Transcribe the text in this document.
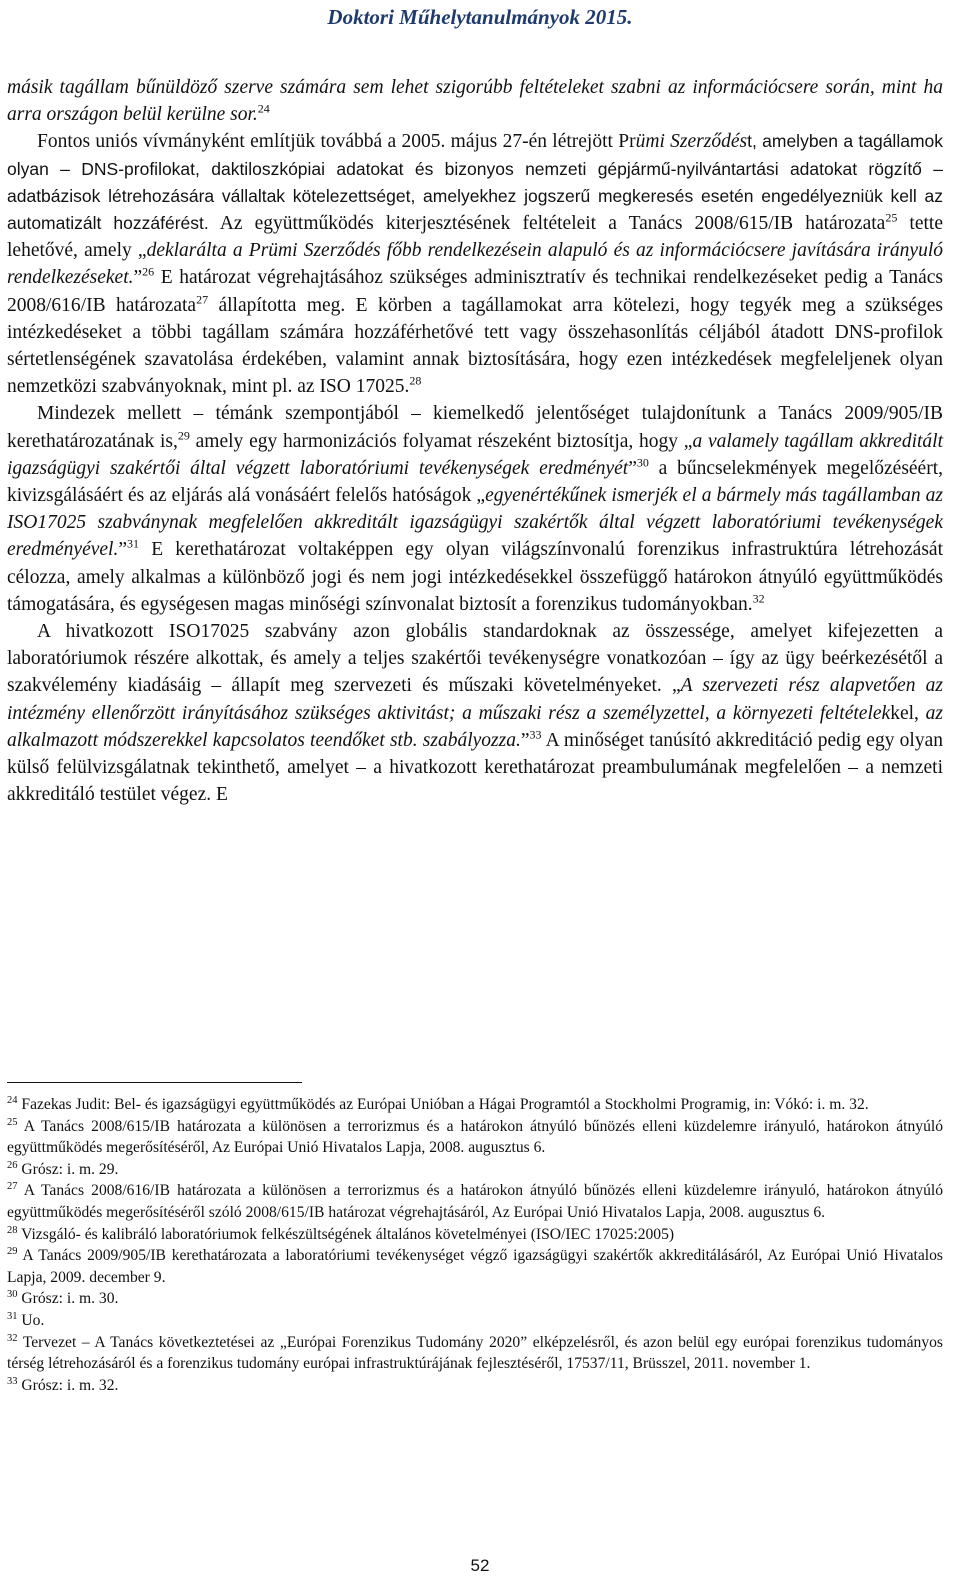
Doktori Műhelytanulmányok 2015.

másik tagállam bűnüldöző szerve számára sem lehet szigorúbb feltételeket szabni az információcsere során, mint ha arra országon belül kerülne sor.$^{24}$

Fontos uniós vívmányként említjük továbbá a 2005. május 27-én létrejött Prümi Szerződést, amelyben a tagállamok olyan – DNS-profilokat, daktiloszkópiai adatokat és bizonyos nemzeti gépjármű-nyilvántartási adatokat rögzítő – adatbázisok létrehozására vállaltak kötelezettséget, amelyekhez jogszerű megkeresés esetén engedélyezniük kell az automatizált hozzáférést. Az együttműködés kiterjesztésének feltételeit a Tanács 2008/615/IB határozata$^{25}$ tette lehetővé, amely „deklarálta a Prümi Szerződés főbb rendelkezésein alapuló és az információcsere javítására irányuló rendelkezéseket.”$^{26}$ E határozat végrehajtásához szükséges adminisztratív és technikai rendelkezéseket pedig a Tanács 2008/616/IB határozata$^{27}$ állapította meg. E körben a tagállamokat arra kötelezi, hogy tegyék meg a szükséges intézkedéseket a többi tagállam számára hozzáférhetővé tett vagy összehasonlítás céljából átadott DNS-profilok sértetlenségének szavatolása érdekében, valamint annak biztosítására, hogy ezen intézkedések megfeleljenek olyan nemzetközi szabványoknak, mint pl. az ISO 17025.28

Mindezek mellett – témánk szempontjából – kiemelkedő jelentőséget tulajdonítunk a Tanács 2009/905/IB kerethatározatának is,$^{29}$ amely egy harmonizációs folyamat részeként biztosítja, hogy „a valamely tagállam akkreditált igazságügyi szakértői által végzett laboratóriumi tevékenységek eredményét”$^{30}$ a bűncselekmények megelőzéséért, kivizsgálásáért és az eljárás alá vonásáért felelős hatóságok „egyenértékűnek ismerjék el a bármely más tagállamban az ISO17025 szabványnak megfelelően akkreditált igazságügyi szakértők által végzett laboratóriumi tevékenységek eredményével.”$^{31}$ E kerethatározat voltaképpen egy olyan világszínvonalú forenzikus infrastruktúra létrehozását célozza, amely alkalmas a különböző jogi és nem jogi intézkedésekkel összefüggő határokon átnyúló együttműködés támogatására, és egységesen magas minőségi színvonalat biztosít a forenzikus tudományokban.$^{32}$

A hivatkozott ISO17025 szabvány azon globális standardoknak az összessége, amelyet kifejezetten a laboratóriumok részére alkottak, és amely a teljes szakértői tevékenységre vonatkozóan – így az ügy beérkezésétől a szakvélemény kiadásáig – állapít meg szervezeti és műszaki követelményeket. „A szervezeti rész alapvetően az intézmény ellenőrzött irányításához szükséges aktivitást; a műszaki rész a személyzettel, a környezeti feltételekkel, az alkalmazott módszerekkel kapcsolatos teendőket stb. szabályozza.”$^{33}$ A minőséget tanúsító akkreditáció pedig egy olyan külső felülvizsgálatnak tekinthető, amelyet – a hivatkozott kerethatározat preambulumának megfelelően – a nemzeti akkreditáló testület végez. E

$^{24}$ Fazekas Judit: Bel- és igazságügyi együttműködés az Európai Unióban a Hágai Programtól a Stockholmi Programig, in: Vókó: i. m. 32.

$^{25}$ A Tanács 2008/615/IB határozata a különösen a terrorizmus és a határokon átnyúló bűnözés elleni küzdelemre irányuló, határokon átnyúló együttműködés megerősítéséről, Az Európai Unió Hivatalos Lapja, 2008. augusztus 6.

$^{26}$ Grósz: i. m. 29.

$^{27}$ A Tanács 2008/616/IB határozata a különösen a terrorizmus és a határokon átnyúló bűnözés elleni küzdelemre irányuló, határokon átnyúló együttműködés megerősítéséről szóló 2008/615/IB határozat végrehajtásáról, Az Európai Unió Hivatalos Lapja, 2008. augusztus 6.

$^{28}$ Vizsgáló- és kalibráló laboratóriumok felkészültségének általános követelményei (ISO/IEC 17025:2005)

$^{29}$ A Tanács 2009/905/IB kerethatározata a laboratóriumi tevékenységet végző igazságügyi szakértők akkreditálásáról, Az Európai Unió Hivatalos Lapja, 2009. december 9.

$^{30}$ Grósz: i. m. 30.

$^{31}$ Uo.

$^{32}$ Tervezet – A Tanács következtetései az „Európai Forenzikus Tudomány 2020” elképzelésről, és azon belül egy európai forenzikus tudományos térség létrehozásáról és a forenzikus tudomány európai infrastruktúrájának fejlesztéséről, 17537/11, Brüsszel, 2011. november 1.

$^{33}$ Grósz: i. m. 32.

52
